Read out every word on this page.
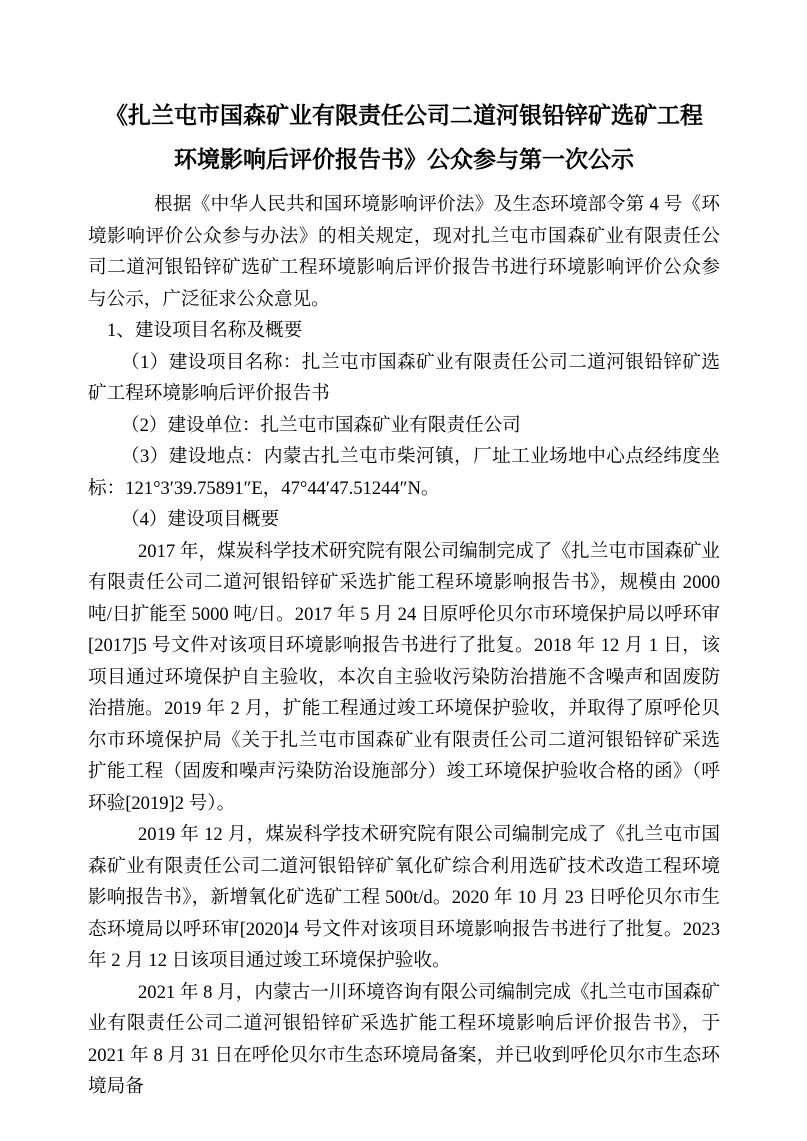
《扎兰屯市国森矿业有限责任公司二道河银铅锌矿选矿工程
环境影响后评价报告书》公众参与第一次公示

根据《中华人民共和国环境影响评价法》及生态环境部令第 4 号《环境影响评价公众参与办法》的相关规定，现对扎兰屯市国森矿业有限责任公司二道河银铅锌矿选矿工程环境影响后评价报告书进行环境影响评价公众参与公示，广泛征求公众意见。

1、建设项目名称及概要

（1）建设项目名称：扎兰屯市国森矿业有限责任公司二道河银铅锌矿选矿工程环境影响后评价报告书

（2）建设单位：扎兰屯市国森矿业有限责任公司

（3）建设地点：内蒙古扎兰屯市柴河镇，厂址工业场地中心点经纬度坐标：121°3′39.75891″E，47°44′47.51244″N。

（4）建设项目概要

2017 年，煤炭科学技术研究院有限公司编制完成了《扎兰屯市国森矿业有限责任公司二道河银铅锌矿采选扩能工程环境影响报告书》，规模由 2000 吨/日扩能至 5000 吨/日。2017 年 5 月 24 日原呼伦贝尔市环境保护局以呼环审[2017]5 号文件对该项目环境影响报告书进行了批复。2018 年 12 月 1 日，该项目通过环境保护自主验收，本次自主验收污染防治措施不含噪声和固废防治措施。2019 年 2 月，扩能工程通过竣工环境保护验收，并取得了原呼伦贝尔市环境保护局《关于扎兰屯市国森矿业有限责任公司二道河银铅锌矿采选扩能工程（固废和噪声污染防治设施部分）竣工环境保护验收合格的函》（呼环验[2019]2 号）。

2019 年 12 月，煤炭科学技术研究院有限公司编制完成了《扎兰屯市国森矿业有限责任公司二道河银铅锌矿氧化矿综合利用选矿技术改造工程环境影响报告书》，新增氧化矿选矿工程 500t/d。2020 年 10 月 23 日呼伦贝尔市生态环境局以呼环审[2020]4 号文件对该项目环境影响报告书进行了批复。2023 年 2 月 12 日该项目通过竣工环境保护验收。

2021 年 8 月，内蒙古一川环境咨询有限公司编制完成《扎兰屯市国森矿业有限责任公司二道河银铅锌矿采选扩能工程环境影响后评价报告书》，于 2021 年 8 月 31 日在呼伦贝尔市生态环境局备案，并已收到呼伦贝尔市生态环境局备
